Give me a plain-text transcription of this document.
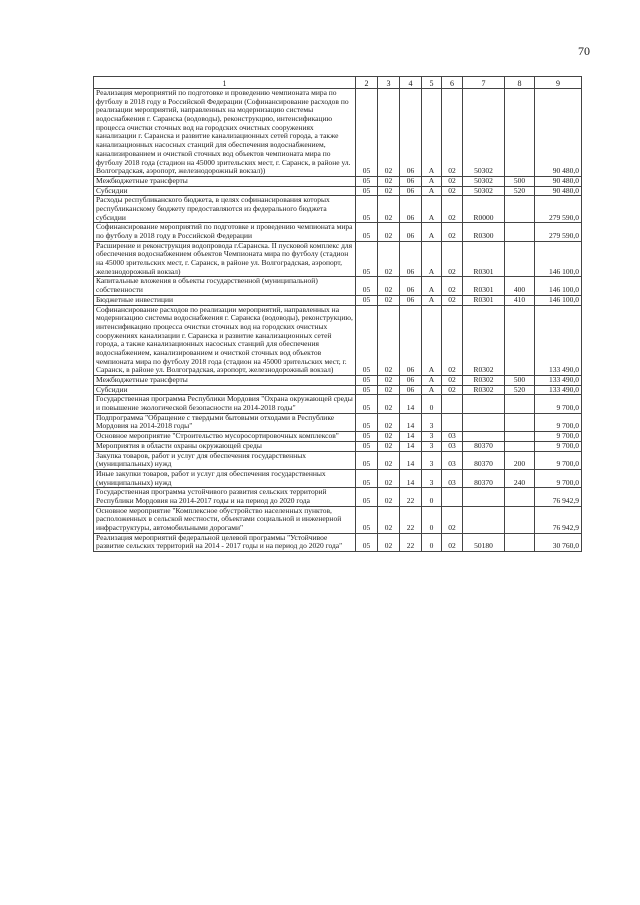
70
1	2	3	4	5	6	7	8	9
Реализация мероприятий по подготовке и проведению чемпионата мира по футболу в 2018 году в Российской Федерации (Софинансирование расходов по реализации мероприятий, направленных на модернизацию системы водоснабжения г. Саранска (водоводы), реконструкцию, интенсификацию процесса очистки сточных вод на городских очистных сооружениях канализации г. Саранска и развитие канализационных сетей города, а также канализационных насосных станций для обеспечения водоснабжением, канализированием и очисткой сточных вод объектов чемпионата мира по футболу 2018 года (стадион на 45000 зрительских мест, г. Саранск, в районе ул. Волгоградская, аэропорт, железнодорожный вокзал))	05	02	06	А	02	50302		90 480,0
Межбюджетные трансферты	05	02	06	А	02	50302	500	90 480,0
Субсидии	05	02	06	А	02	50302	520	90 480,0
Расходы республиканского бюджета, в целях софинансирования которых республиканскому бюджету предоставляются из федерального бюджета субсидии	05	02	06	А	02	R0000		279 590,0
Софинансирование мероприятий по подготовке и проведению чемпионата мира по футболу в 2018 году в Российской Федерации	05	02	06	А	02	R0300		279 590,0
Расширение и реконструкция водопровода г.Саранска. II пусковой комплекс для обеспечения водоснабжением объектов Чемпионата мира по футболу (стадион на 45000 зрительских мест, г. Саранск, в районе ул. Волгоградская, аэропорт, железнодорожный вокзал)	05	02	06	А	02	R0301		146 100,0
Капитальные вложения в объекты государственной (муниципальной) собственности	05	02	06	А	02	R0301	400	146 100,0
Бюджетные инвестиции	05	02	06	А	02	R0301	410	146 100,0
Софинансирование расходов по реализации мероприятий, направленных на модернизацию системы водоснабжения г. Саранска (водоводы), реконструкцию, интенсификацию процесса очистки сточных вод на городских очистных сооружениях канализации г. Саранска и развитие канализационных сетей города, а также канализационных насосных станций для обеспечения водоснабжением, канализированием и очисткой сточных вод объектов чемпионата мира по футболу 2018 года (стадион на 45000 зрительских мест, г. Саранск, в районе ул. Волгоградская, аэропорт, железнодорожный вокзал)	05	02	06	А	02	R0302		133 490,0
Межбюджетные трансферты	05	02	06	А	02	R0302	500	133 490,0
Субсидии	05	02	06	А	02	R0302	520	133 490,0
Государственная программа Республики Мордовия "Охрана окружающей среды и повышение экологической безопасности на 2014-2018 годы"	05	02	14	0				9 700,0
Подпрограмма "Обращение с твердыми бытовыми отходами в Республике Мордовия на 2014-2018 годы"	05	02	14	3				9 700,0
Основное мероприятие "Строительство мусоросортировочных комплексов"	05	02	14	3	03			9 700,0
Мероприятия в области охраны окружающей среды	05	02	14	3	03	80370		9 700,0
Закупка товаров, работ и услуг для обеспечения государственных (муниципальных) нужд	05	02	14	3	03	80370	200	9 700,0
Иные закупки товаров, работ и услуг для обеспечения государственных (муниципальных) нужд	05	02	14	3	03	80370	240	9 700,0
Государственная программа устойчивого развития сельских территорий Республики Мордовия на 2014-2017 годы и на период до 2020 года	05	02	22	0				76 942,9
Основное мероприятие "Комплексное обустройство населенных пунктов, расположенных в сельской местности, объектами социальной и инженерной инфраструктуры, автомобильными дорогами"	05	02	22	0	02			76 942,9
Реализация мероприятий федеральной целевой программы "Устойчивое развитие сельских территорий на 2014 - 2017 годы и на период до 2020 года"	05	02	22	0	02	50180		30 760,0
